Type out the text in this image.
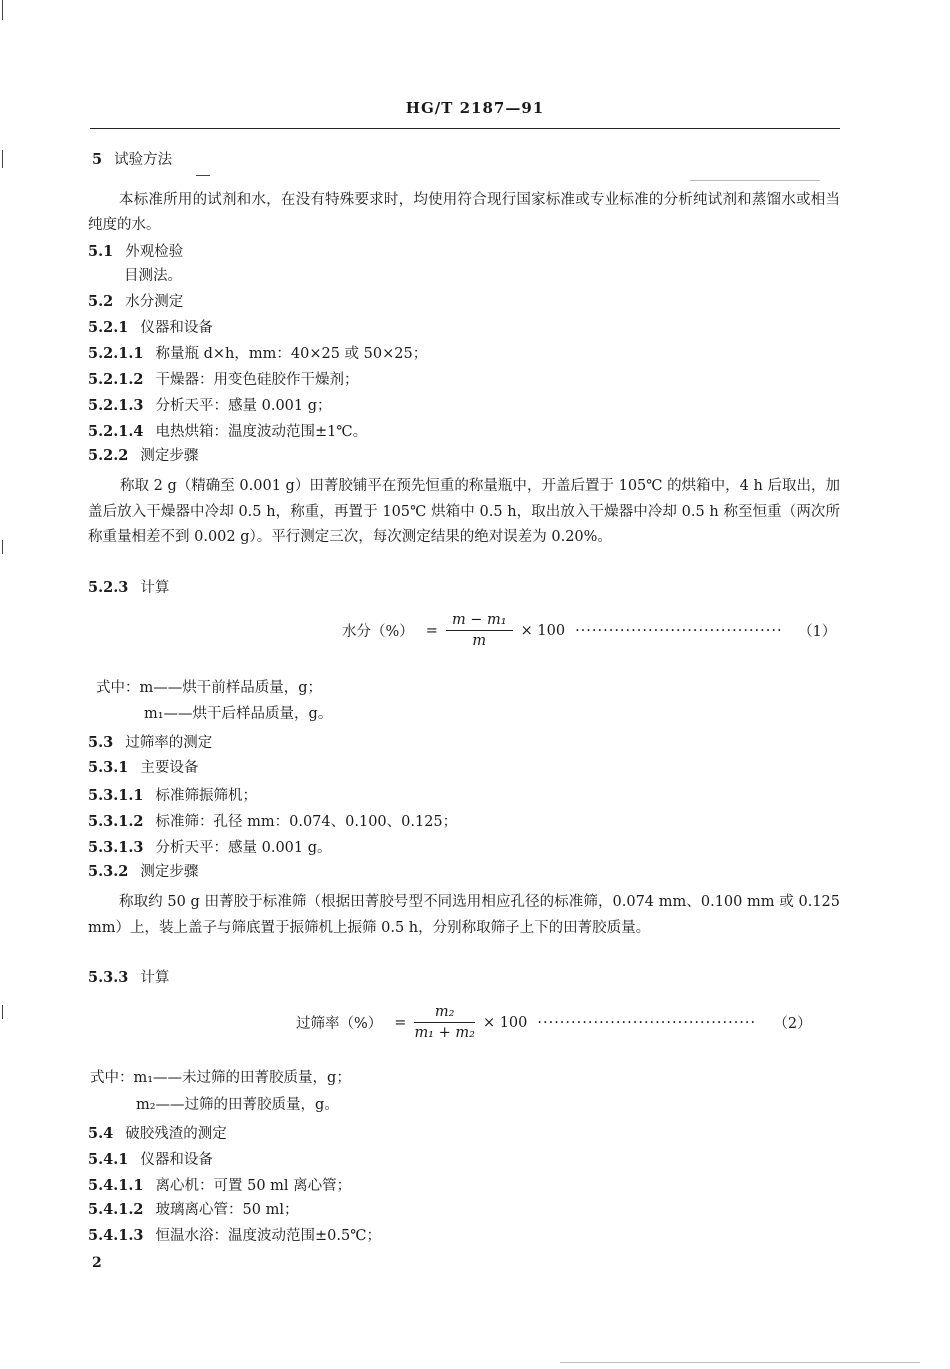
HG/T 2187—91
5 试验方法
本标准所用的试剂和水，在没有特殊要求时，均使用符合现行国家标准或专业标准的分析纯试剂和蒸馏水或相当纯度的水。
5.1 外观检验
目测法。
5.2 水分测定
5.2.1 仪器和设备
5.2.1.1 称量瓶 d×h，mm：40×25 或 50×25；
5.2.1.2 干燥器：用变色硅胶作干燥剂；
5.2.1.3 分析天平：感量 0.001 g；
5.2.1.4 电热烘箱：温度波动范围±1℃。
5.2.2 测定步骤
称取 2 g（精确至 0.001 g）田菁胶铺平在预先恒重的称量瓶中，开盖后置于 105℃ 的烘箱中，4 h 后取出，加盖后放入干燥器中冷却 0.5 h，称重，再置于 105℃ 烘箱中 0.5 h，取出放入干燥器中冷却 0.5 h 称至恒重（两次所称重量相差不到 0.002 g）。平行测定三次，每次测定结果的绝对误差为 0.20%。
5.2.3 计算
水分（%） = $\frac{\text{m − m₁}}{m} \times 100$ ·····	（1）
式中：m——烘干前样品质量，g；
m₁——烘干后样品质量，g。
5.3 过筛率的测定
5.3.1 主要设备
5.3.1.1 标准筛振筛机；
5.3.1.2 标准筛：孔径 mm：0.074、0.100、0.125；
5.3.1.3 分析天平：感量 0.001 g。
5.3.2 测定步骤
称取约 50 g 田菁胶于标准筛（根据田菁胶号型不同选用相应孔径的标准筛，0.074 mm、0.100 mm 或 0.125 mm）上，装上盖子与筛底置于振筛机上振筛 0.5 h，分别称取筛子上下的田菁胶质量。
5.3.3 计算
过筛率（%） = $\frac{\text{m₂}}{\text{m₁ + m₂}} \times 100$ ·····	（2）
式中：m₁——未过筛的田菁胶质量，g；
m₂——过筛的田菁胶质量，g。
5.4 破胶残渣的测定
5.4.1 仪器和设备
5.4.1.1 离心机：可置 50 ml 离心管；
5.4.1.2 玻璃离心管：50 ml；
5.4.1.3 恒温水浴：温度波动范围±0.5℃；
2
